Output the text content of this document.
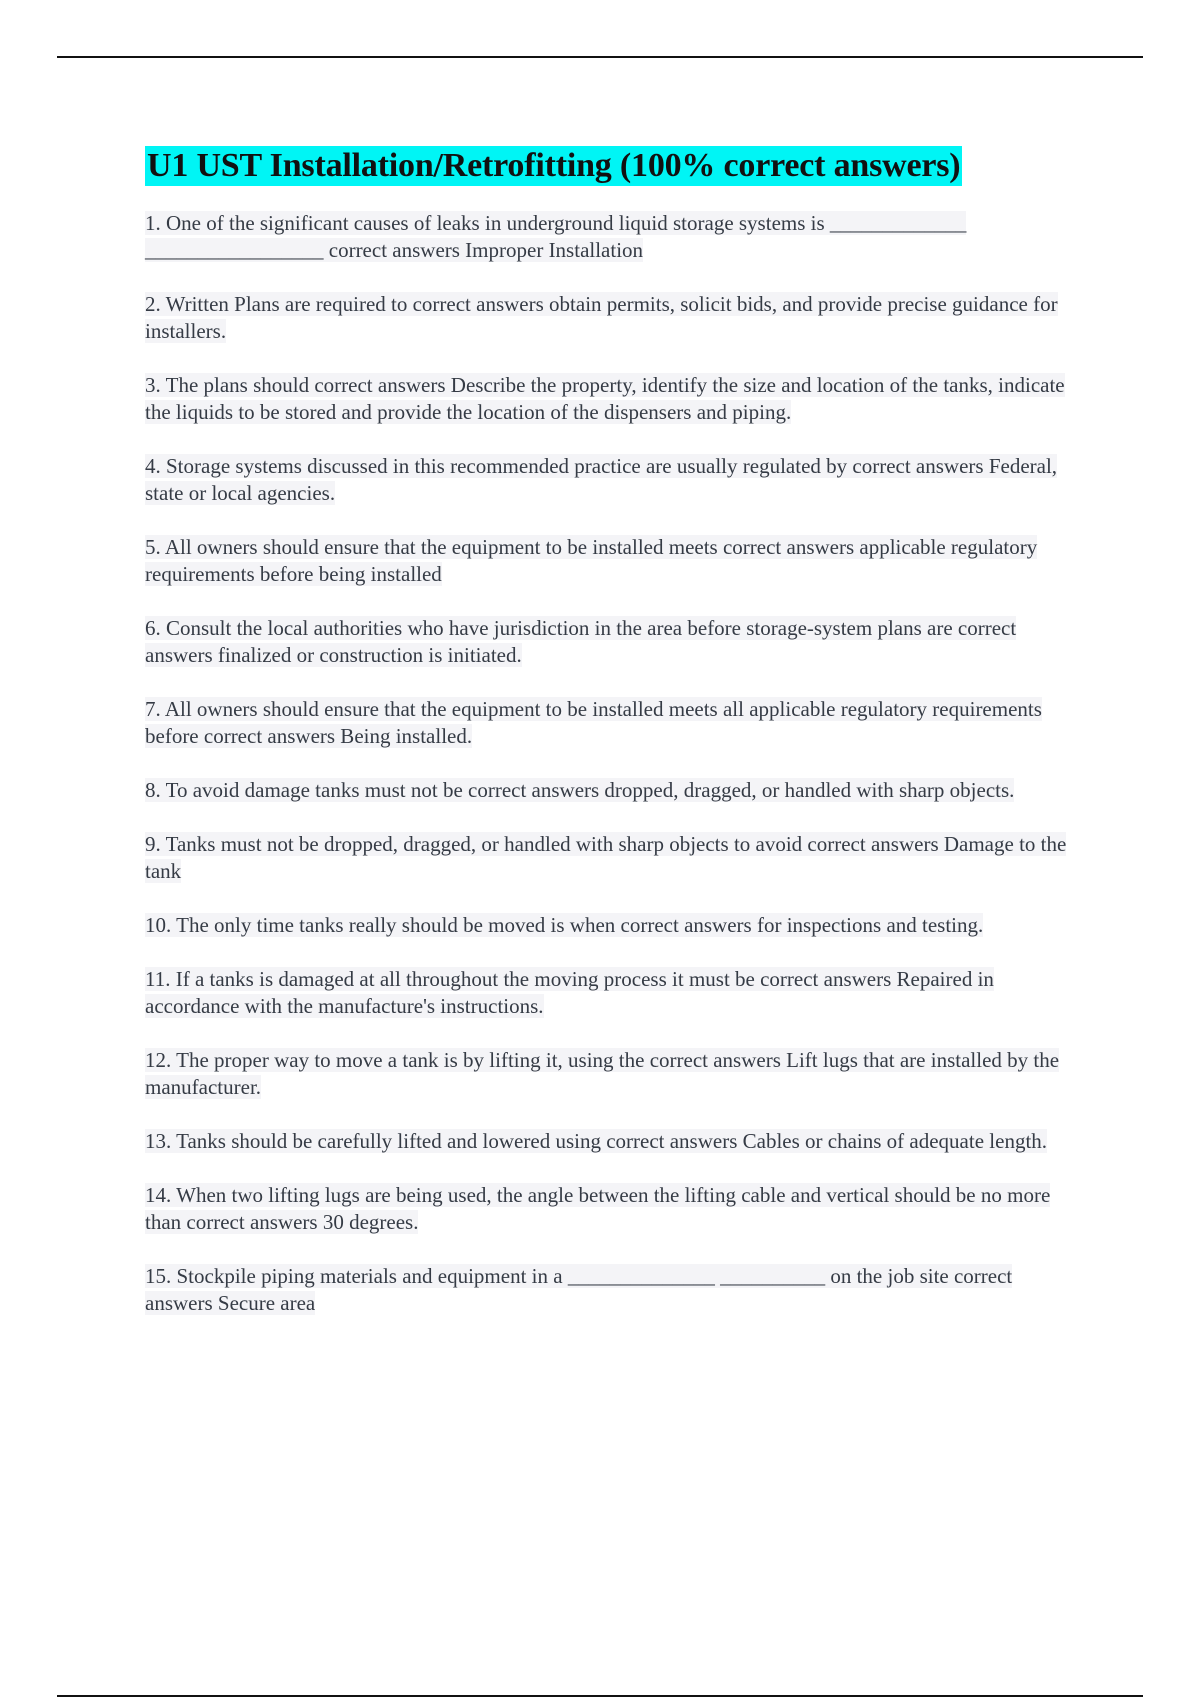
U1 UST Installation/Retrofitting (100% correct answers)
1. One of the significant causes of leaks in underground liquid storage systems is _____________ _________________ correct answers Improper Installation
2. Written Plans are required to correct answers obtain permits, solicit bids, and provide precise guidance for installers.
3. The plans should correct answers Describe the property, identify the size and location of the tanks, indicate the liquids to be stored and provide the location of the dispensers and piping.
4. Storage systems discussed in this recommended practice are usually regulated by correct answers Federal, state or local agencies.
5. All owners should ensure that the equipment to be installed meets correct answers applicable regulatory requirements before being installed
6. Consult the local authorities who have jurisdiction in the area before storage-system plans are correct answers finalized or construction is initiated.
7. All owners should ensure that the equipment to be installed meets all applicable regulatory requirements before correct answers Being installed.
8. To avoid damage tanks must not be correct answers dropped, dragged, or handled with sharp objects.
9. Tanks must not be dropped, dragged, or handled with sharp objects to avoid correct answers Damage to the tank
10. The only time tanks really should be moved is when correct answers for inspections and testing.
11. If a tanks is damaged at all throughout the moving process it must be correct answers Repaired in accordance with the manufacture's instructions.
12. The proper way to move a tank is by lifting it, using the correct answers Lift lugs that are installed by the manufacturer.
13. Tanks should be carefully lifted and lowered using correct answers Cables or chains of adequate length.
14. When two lifting lugs are being used, the angle between the lifting cable and vertical should be no more than correct answers 30 degrees.
15. Stockpile piping materials and equipment in a ______________ __________ on the job site correct answers Secure area
